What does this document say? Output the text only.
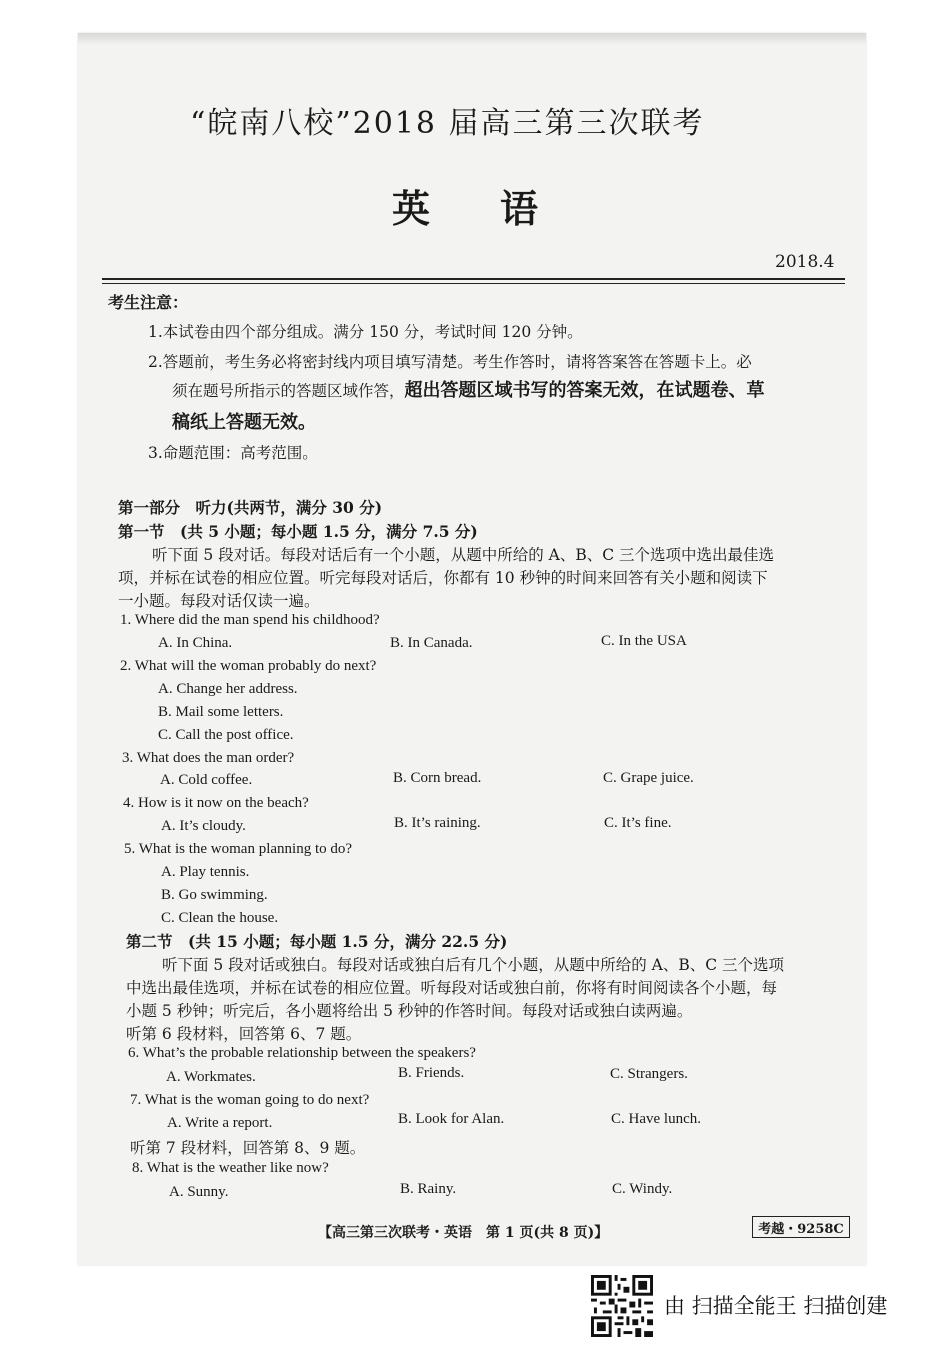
“皖南八校”2018 届高三第三次联考
英语
2018.4
考生注意：
1.本试卷由四个部分组成。满分 150 分，考试时间 120 分钟。
2.答题前，考生务必将密封线内项目填写清楚。考生作答时，请将答案答在答题卡上。必
须在题号所指示的答题区域作答，超出答题区域书写的答案无效，在试题卷、草
稿纸上答题无效。
3.命题范围：高考范围。
第一部分　听力(共两节，满分 30 分)
第一节　(共 5 小题；每小题 1.5 分，满分 7.5 分)
听下面 5 段对话。每段对话后有一个小题，从题中所给的 A、B、C 三个选项中选出最佳选
项，并标在试卷的相应位置。听完每段对话后，你都有 10 秒钟的时间来回答有关小题和阅读下
一小题。每段对话仅读一遍。
1. Where did the man spend his childhood?
A. In China.	B. In Canada.	C. In the USA
2. What will the woman probably do next?
A. Change her address.
B. Mail some letters.
C. Call the post office.
3. What does the man order?
A. Cold coffee.	B. Corn bread.	C. Grape juice.
4. How is it now on the beach?
A. It’s cloudy.	B. It’s raining.	C. It’s fine.
5. What is the woman planning to do?
A. Play tennis.
B. Go swimming.
C. Clean the house.
第二节　(共 15 小题；每小题 1.5 分，满分 22.5 分)
听下面 5 段对话或独白。每段对话或独白后有几个小题，从题中所给的 A、B、C 三个选项
中选出最佳选项，并标在试卷的相应位置。听每段对话或独白前，你将有时间阅读各个小题，每
小题 5 秒钟；听完后，各小题将给出 5 秒钟的作答时间。每段对话或独白读两遍。
听第 6 段材料，回答第 6、7 题。
6. What’s the probable relationship between the speakers?
A. Workmates.	B. Friends.	C. Strangers.
7. What is the woman going to do next?
A. Write a report.	B. Look for Alan.	C. Have lunch.
听第 7 段材料，回答第 8、9 题。
8. What is the weather like now?
A. Sunny.	B. Rainy.	C. Windy.
【高三第三次联考・英语　第 1 页(共 8 页)】	考越・9258C
由 扫描全能王 扫描创建
